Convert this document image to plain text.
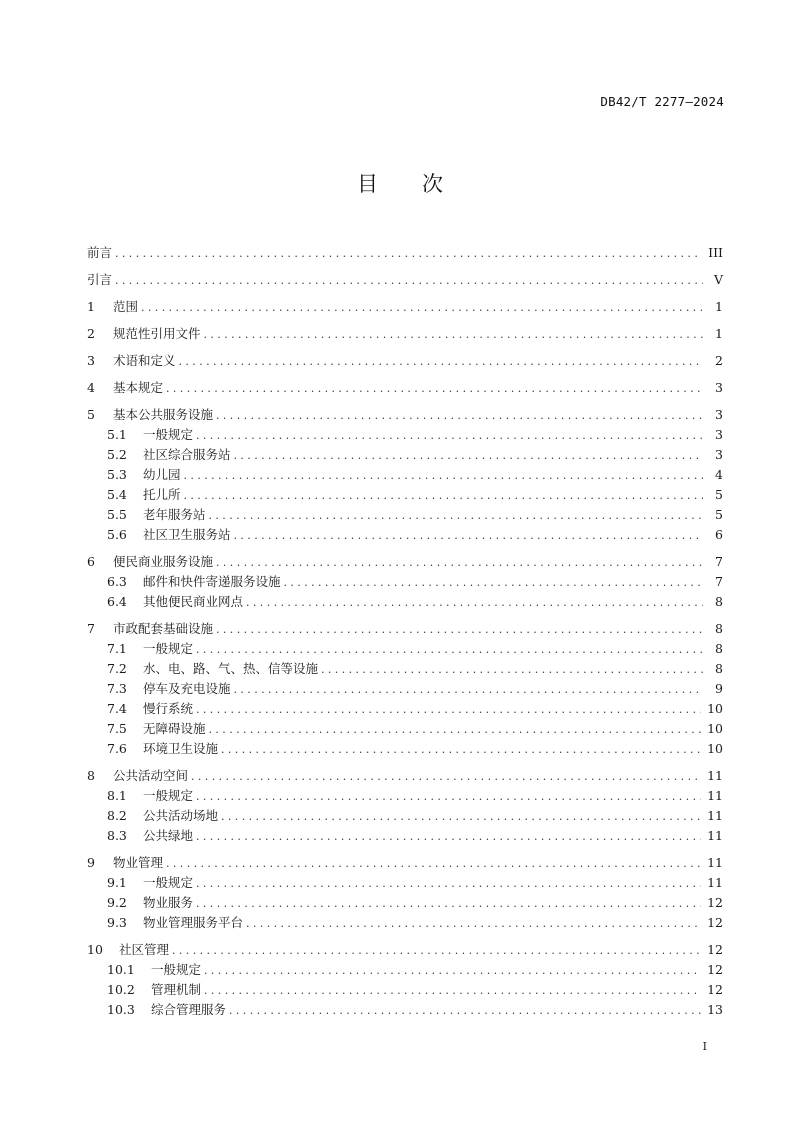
DB42/T 2277—2024
目 次
前言 .....	III
引言 .....	V
1	范围 .....	1
2	规范性引用文件 .....	1
3	术语和定义 .....	2
4	基本规定 .....	3
5	基本公共服务设施 .....	3
5.1	一般规定 .....	3
5.2	社区综合服务站 .....	3
5.3	幼儿园 .....	4
5.4	托儿所 .....	5
5.5	老年服务站 .....	5
5.6	社区卫生服务站 .....	6
6	便民商业服务设施 .....	7
6.3	邮件和快件寄递服务设施 .....	7
6.4	其他便民商业网点 .....	8
7	市政配套基础设施 .....	8
7.1	一般规定 .....	8
7.2	水、电、路、气、热、信等设施 .....	8
7.3	停车及充电设施 .....	9
7.4	慢行系统 .....	10
7.5	无障碍设施 .....	10
7.6	环境卫生设施 .....	10
8	公共活动空间 .....	11
8.1	一般规定 .....	11
8.2	公共活动场地 .....	11
8.3	公共绿地 .....	11
9	物业管理 .....	11
9.1	一般规定 .....	11
9.2	物业服务 .....	12
9.3	物业管理服务平台 .....	12
10	社区管理 .....	12
10.1	一般规定 .....	12
10.2	管理机制 .....	12
10.3	综合管理服务 .....	13
I
